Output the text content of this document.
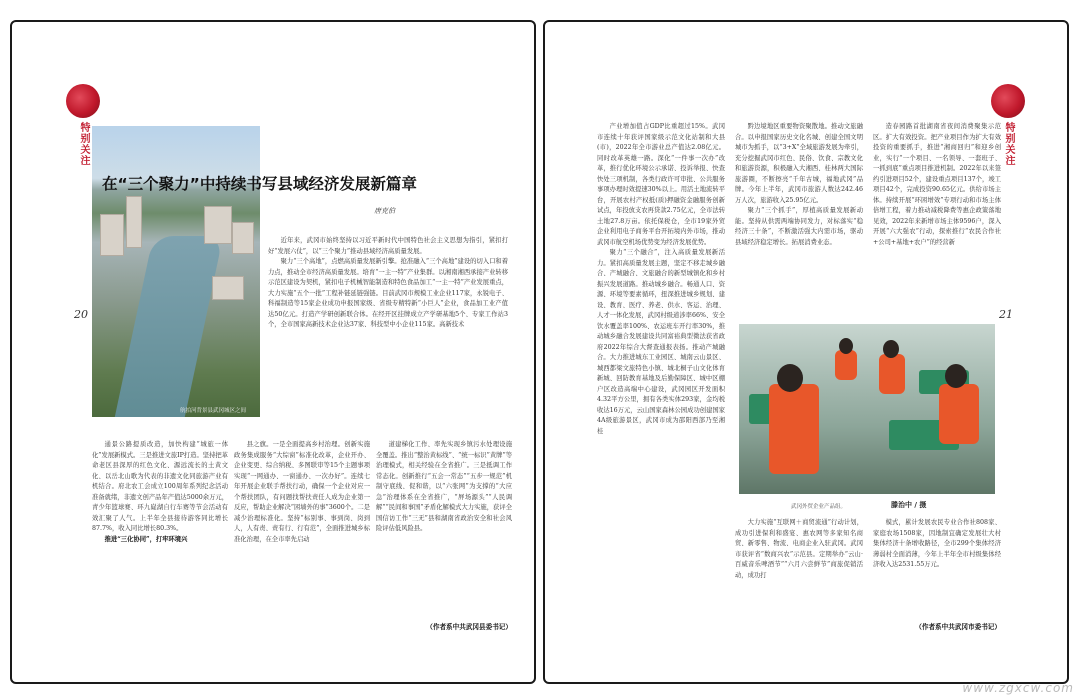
特别关注
20
航拍河背景县武冈城区之间
在“三个聚力”中持续书写县域经济发展新篇章
唐克伯

近年来，武冈市始终坚持以习近平新时代中国特色社会主义思想为指引，紧扣打好“发展六仗”，以“三个聚力”推动县域经济高质量发展。

聚力“三个高地”，点燃高质量发展新引擎。抢准融入“三个高地”建设的切入口和着力点，推动全市经济高质量发展。培育“一主一特”产业集群。以湘南湘西承接产业转移示范区建设为契机，紧扣电子机械智能制造和特色食品加工“一主一特”产业发展重点，大力实施“五个一批”工程补链延链强链。目前武冈市规模工业企业117家，永锐电子、科福制造等15家企业成功申报国家级、省级专精特新“小巨人”企业，食品加工业产值达50亿元。打造产学研创新联合体。在经开区挂牌成立产学研基地5个、专家工作站3个，全市国家高新技术企业达37家、科技型中小企业115家。高新技术

通景公路提质改造，加快构建“城旅一体化”发展新模式。三是推进文旅IP打造。坚持把革命老区县深厚的红色文化、源远流长的土黄文化、以岳北山歌为代表的非遗文化同旅游产业有机结合。府北农工会成立100周年系列纪念活动准备就绪，非遗文创产品年产值达5000余万元，青少年篮球赛、环九嶷湖自行车赛等节会活动有效汇聚了人气。上半年全县接待游客同比增长87.7%，收入同比增长80.3%。

推进“三化协同”，打牢环境兴

县之旗。一是全面提高乡村治理。创新实施政务集成服务“大综窗”标准化改革，企业开办、企业变更、综合纳税、多图联审等15个主题事项实现“一网通办、一窗通办、一次办好”。连续七年开展企业联手帮扶行动，确保一个企业对应一个帮扶团队，有问题找帮扶责任人成为企业第一反应，帮助企业解决“困墙外的事”3600个。二是减少治理标准化。坚持“标别事、事到岗、岗到人，人有责、责有行、行有范”，全面推进城乡标准化治理，在全市率先启动

道建梯化工作、率先实现乡镇污水处理设施全覆盖。推出“整治黄标线”、“统一标识”黄牌”等治理模式，相关经验在全省推广。三是抵调工作常态化。创新推行“五会一常态”“五步一规范”机制守底线、促和谐，以“六张网”为支撑的“大应急”治理体系在全省推广，“屏场源头”“人民调解”“民间和事国”矛盾化解模式大力实施，获评全国信访工作“三无”县和湖南省政治安全和社会风险评估低风险县。

（作者系中共武冈县委书记）
特别关注
21

产业增加值占GDP比重超过15%。武冈市连续十年获评国家级示范文化站制和大县(市)，2022年全市游业总产值达2.08亿元。同时改革英雄一路。深化“一件事一次办”改革，推行优化环境公示承诺、投诉举报、快查快处三项机制，各类行政许可审批、公共服务事项办理时效提速30%以上。用活土地流转平台，开展农村产权抵(质)押融资金融服务创新试点，年投放支农再贷款2.75亿元，全市法转土地27.8万亩。依托保税仓，全市19家外贸企业利用电子商务平台开拓境内外市场，推动武冈市航空机场优势变为经济发展优势。

聚力“三个融合”，注入高质量发展新活力。紧扣高质量发展主题，坚定不移走城乡融合、产城融合、文旅融合的新型城镇化和乡村振兴发展道路。推动城乡融合。畅通人口、资源、环境等要素循环，扭深推进城乡规划、建设、教育、医疗、养老、供水、客运、治理、人才一体化发展，武冈村级道涉率66%、安全饮水覆盖率100%、农运班车开行率30%，推动城乡融合发展建设共同富裕典型微法获省政府2022年综合大督查通报表扬。推动产城融合。大力推进城东工业园区、城南云山景区、城西都梁文旅特色小镇、城北桐子山文化体育新城、回防教育基地及后勤保障区、城中区棚户区改造高端中心建设，武冈园区开发面积4.32平方公里，拥有各类实体293家，金均税收达16万元，云山国家森林公园成功创建国家4A级旅游景区，武冈市成为邵阳西部乃至湘桂

黔边境地区重要物资聚散地。推动文旅融合。以申报国家历史文化名城、创建全国文明城市为抓手，以“3+X”全域旅游发展为牵引，充分挖掘武冈市红色、民俗、饮食、宗教文化和旅游资源，积极融入大湘西、桂林两大国际旅游圈，不断擦亮“千年古城，福地武冈”品牌。今年上半年，武冈市旅游人数达242.46万人次，旅游收入25.95亿元。

聚力“三个抓手”，厚植高质量发展新动能。坚持从供需两端协同发力，对标落实“稳经济三十条”，不断激活强大内需市场，驱动县域经济稳定增长。拓展消费业态。

造春园路首批湖南省夜间消费聚集示范区。扩大有效投资。把产业项目作为扩大有效投资的重要抓手，推进“湘商回归”和迎乡创业，实行“一个项目、一名领导、一套班子、一抓到底”重点项目推进机制。2022年以来签约引进项目52个，建设重点项目137个，竣工项目42个，完成投资90.65亿元。供给市场主体。持续开展“环困增效”专项行动和市场主体倍增工程，着力推动减税降费等惠企政策落地见效，2022年来新增市场主体9596户，深入开展“六大强农”行动，探索推行“农民合作社+公司+基地+农户”的经营新

武冈外贸企业产品组。	滕治中 / 摄

大力实施“互联网＋商贸流通”行动计划，成功引进保利和盛宴、惠农网等多家知名商贸、新零售、物流、电商企业入驻武冈。武冈市获评省“数商兴农”示范县。定期举办“云山·百威音乐啤酒节”“六月六尝鲜节”商旅促销活动，成功打

模式，累计发展农民专业合作社808家、家庭农场1508家，因地制宜确定发展壮大村集体经济十条增收路径，全市299个集体经济薄弱村全面消薄，今年上半年全市村级集体经济收入达2531.55万元。

（作者系中共武冈市委书记）
www.zgxcw.com
